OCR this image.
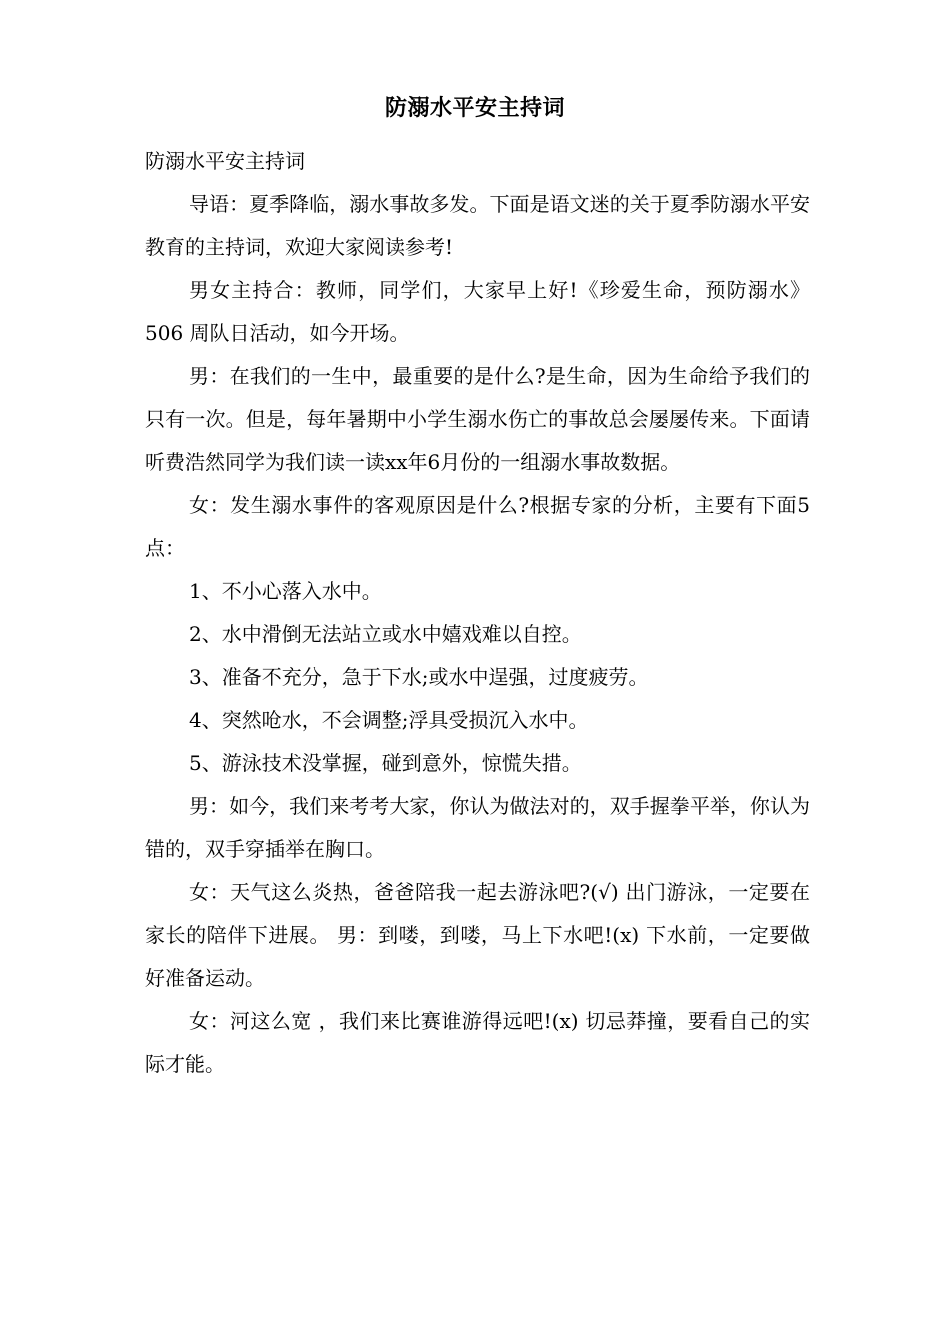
防溺水平安主持词

防溺水平安主持词

导语：夏季降临，溺水事故多发。下面是语文迷的关于夏季防溺水平安教育的主持词，欢迎大家阅读参考!

男女主持合：教师，同学们，大家早上好!《珍爱生命，预防溺水》506 周队日活动，如今开场。

男：在我们的一生中，最重要的是什么?是生命，因为生命给予我们的只有一次。但是，每年暑期中小学生溺水伤亡的事故总会屡屡传来。下面请听费浩然同学为我们读一读xx年6月份的一组溺水事故数据。

女：发生溺水事件的客观原因是什么?根据专家的分析，主要有下面5点：

1、不小心落入水中。

2、水中滑倒无法站立或水中嬉戏难以自控。

3、准备不充分，急于下水;或水中逞强，过度疲劳。

4、突然呛水，不会调整;浮具受损沉入水中。

5、游泳技术没掌握，碰到意外，惊慌失措。

男：如今，我们来考考大家，你认为做法对的，双手握拳平举，你认为错的，双手穿插举在胸口。

女：天气这么炎热，爸爸陪我一起去游泳吧?(√) 出门游泳，一定要在家长的陪伴下进展。 男：到喽，到喽，马上下水吧!(x) 下水前，一定要做好准备运动。

女：河这么宽 ，我们来比赛谁游得远吧!(x) 切忌莽撞，要看自己的实际才能。
